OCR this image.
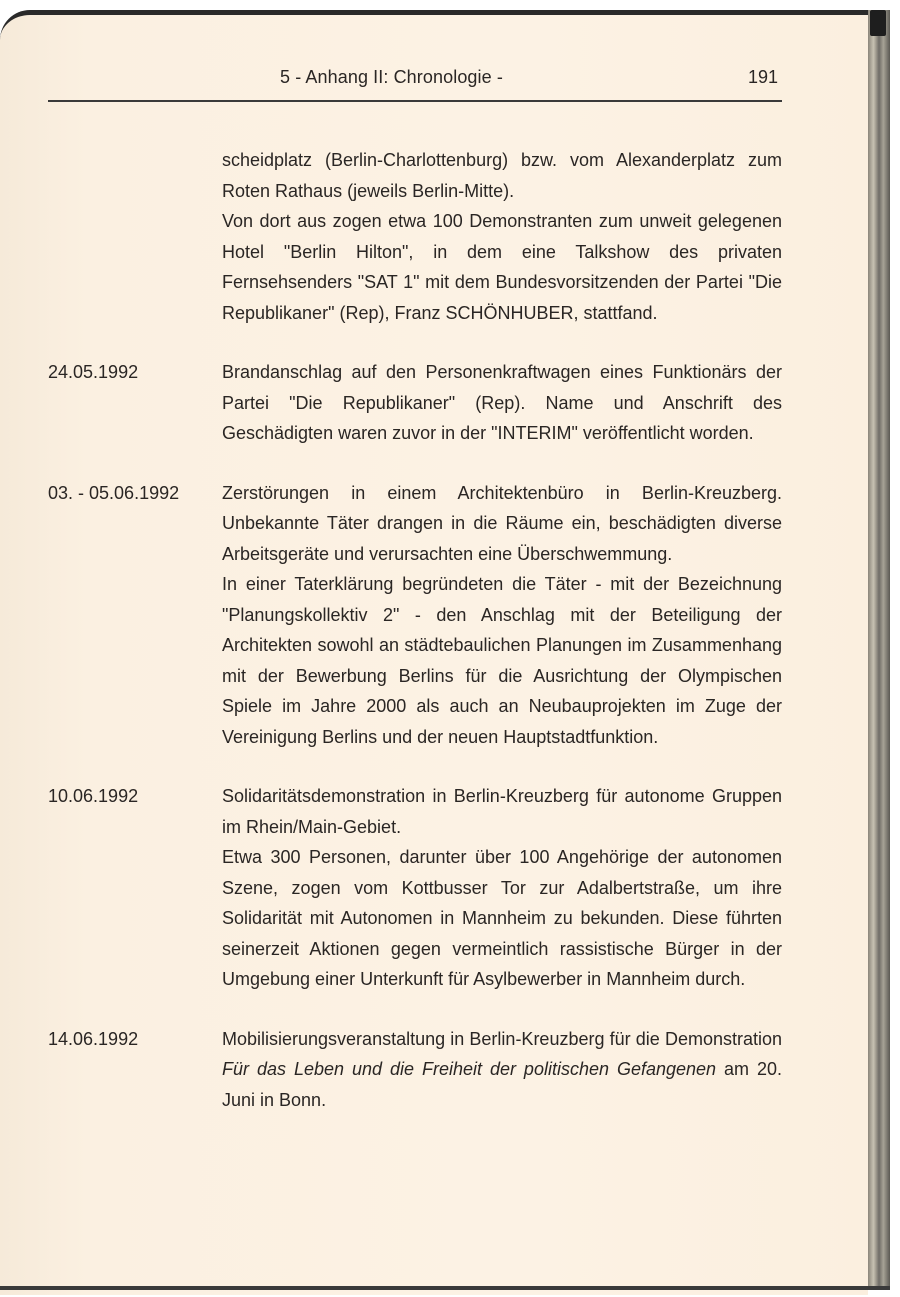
5 - Anhang II: Chronologie -	191

scheidplatz (Berlin-Charlottenburg) bzw. vom Alexanderplatz zum Roten Rathaus (jeweils Berlin-Mitte).

Von dort aus zogen etwa 100 Demonstranten zum unweit gelegenen Hotel "Berlin Hilton", in dem eine Talkshow des privaten Fernsehsenders "SAT 1" mit dem Bundesvorsitzenden der Partei "Die Republikaner" (Rep), Franz SCHÖNHUBER, stattfand.

24.05.1992	Brandanschlag auf den Personenkraftwagen eines Funktionärs der Partei "Die Republikaner" (Rep). Name und Anschrift des Geschädigten waren zuvor in der "INTERIM" veröffentlicht worden.

03. - 05.06.1992	Zerstörungen in einem Architektenbüro in Berlin-Kreuzberg. Unbekannte Täter drangen in die Räume ein, beschädigten diverse Arbeitsgeräte und verursachten eine Überschwemmung.

In einer Taterklärung begründeten die Täter - mit der Bezeichnung "Planungskollektiv 2" - den Anschlag mit der Beteiligung der Architekten sowohl an städtebaulichen Planungen im Zusammenhang mit der Bewerbung Berlins für die Ausrichtung der Olympischen Spiele im Jahre 2000 als auch an Neubauprojekten im Zuge der Vereinigung Berlins und der neuen Hauptstadtfunktion.

10.06.1992	Solidaritätsdemonstration in Berlin-Kreuzberg für autonome Gruppen im Rhein/Main-Gebiet.

Etwa 300 Personen, darunter über 100 Angehörige der autonomen Szene, zogen vom Kottbusser Tor zur Adalbertstraße, um ihre Solidarität mit Autonomen in Mannheim zu bekunden. Diese führten seinerzeit Aktionen gegen vermeintlich rassistische Bürger in der Umgebung einer Unterkunft für Asylbewerber in Mannheim durch.

14.06.1992	Mobilisierungsveranstaltung in Berlin-Kreuzberg für die Demonstration Für das Leben und die Freiheit der politischen Gefangenen am 20. Juni in Bonn.
